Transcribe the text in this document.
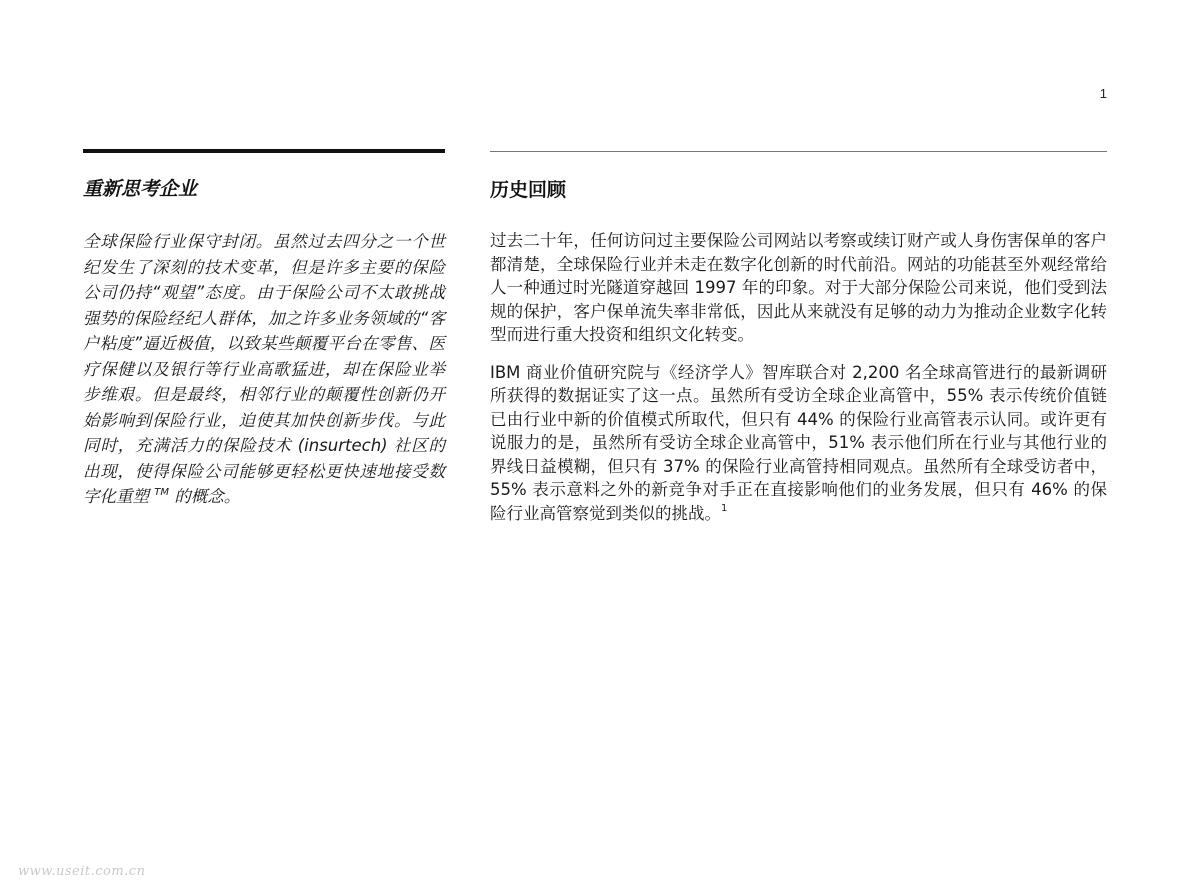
1
重新思考企业
全球保险行业保守封闭。虽然过去四分之一个世纪发生了深刻的技术变革，但是许多主要的保险公司仍持“观望”态度。由于保险公司不太敢挑战强势的保险经纪人群体，加之许多业务领域的“客户粘度”逼近极值，以致某些颠覆平台在零售、医疗保健以及银行等行业高歌猛进，却在保险业举步维艰。但是最终，相邻行业的颠覆性创新仍开始影响到保险行业，迫使其加快创新步伐。与此同时，充满活力的保险技术 (insurtech) 社区的出现，使得保险公司能够更轻松更快速地接受数字化重塑 ™ 的概念。
历史回顾

过去二十年，任何访问过主要保险公司网站以考察或续订财产或人身伤害保单的客户都清楚，全球保险行业并未走在数字化创新的时代前沿。网站的功能甚至外观经常给人一种通过时光隧道穿越回 1997 年的印象。对于大部分保险公司来说，他们受到法规的保护，客户保单流失率非常低，因此从来就没有足够的动力为推动企业数字化转型而进行重大投资和组织文化转变。

IBM 商业价值研究院与《经济学人》智库联合对 2,200 名全球高管进行的最新调研所获得的数据证实了这一点。虽然所有受访全球企业高管中，55% 表示传统价值链已由行业中新的价值模式所取代，但只有 44% 的保险行业高管表示认同。或许更有说服力的是，虽然所有受访全球企业高管中，51% 表示他们所在行业与其他行业的界线日益模糊，但只有 37% 的保险行业高管持相同观点。虽然所有全球受访者中，55% 表示意料之外的新竞争对手正在直接影响他们的业务发展，但只有 46% 的保险行业高管察觉到类似的挑战。$^1$

www.useit.com.cn
